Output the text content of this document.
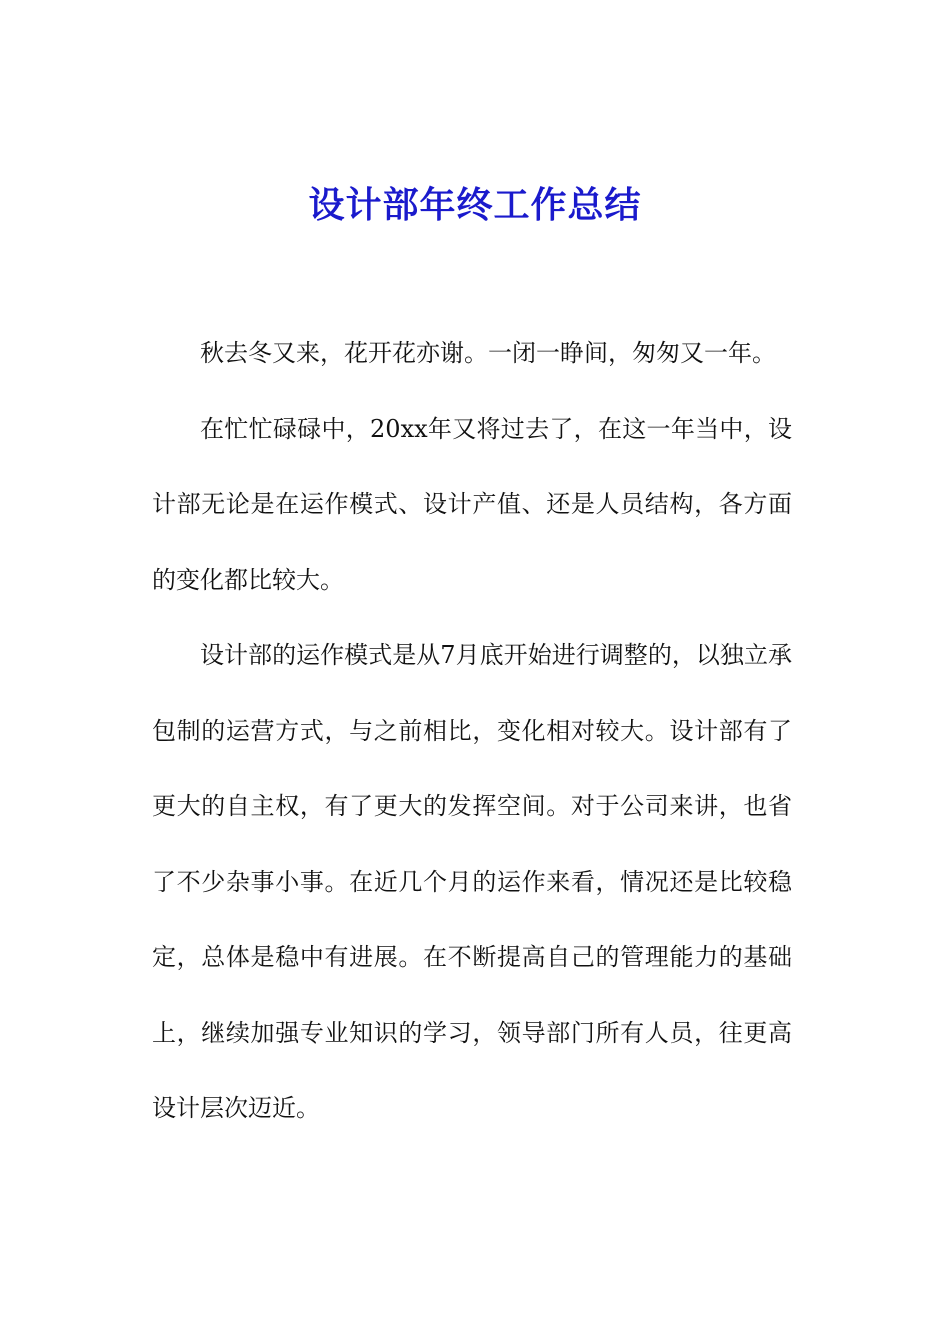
设计部年终工作总结

秋去冬又来，花开花亦谢。一闭一睁间，匆匆又一年。

在忙忙碌碌中，20xx年又将过去了，在这一年当中，设计部无论是在运作模式、设计产值、还是人员结构，各方面的变化都比较大。

设计部的运作模式是从7月底开始进行调整的，以独立承包制的运营方式，与之前相比，变化相对较大。设计部有了更大的自主权，有了更大的发挥空间。对于公司来讲，也省了不少杂事小事。在近几个月的运作来看，情况还是比较稳定，总体是稳中有进展。在不断提高自己的管理能力的基础上，继续加强专业知识的学习，领导部门所有人员，往更高设计层次迈近。
